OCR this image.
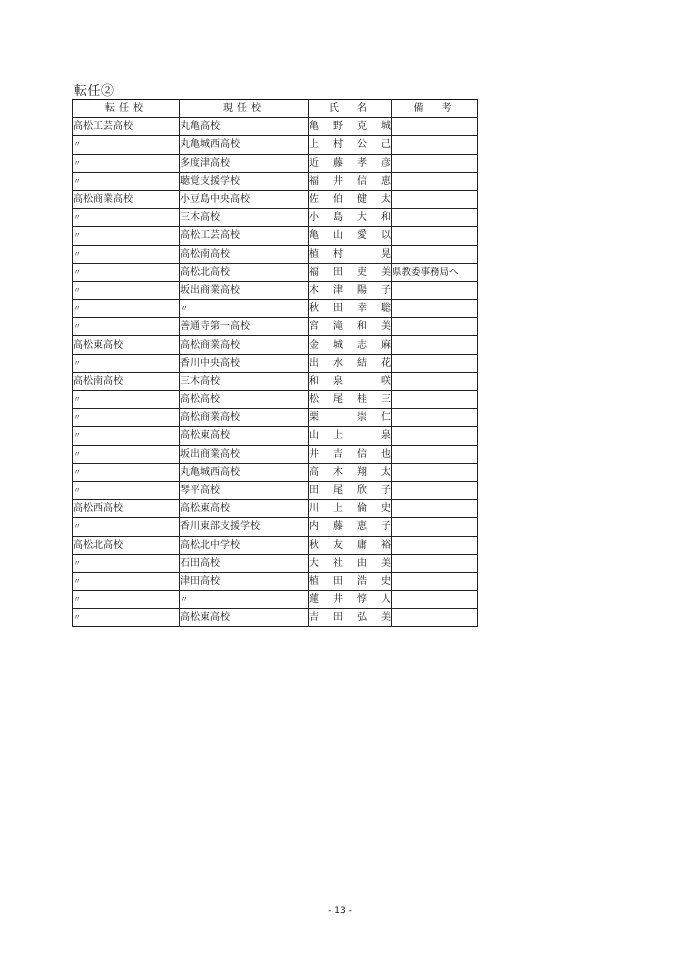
転任②
転任校	現任校	氏　名	備　考
高松工芸高校	丸亀高校	亀野克城	
〃	丸亀城西高校	上村公己	
〃	多度津高校	近藤孝彦	
〃	聴覚支援学校	福井信恵	
高松商業高校	小豆島中央高校	佐伯健太	
〃	三木高校	小島大和	
〃	高松工芸高校	亀山愛以	
〃	高松南高校	植村　晃	
〃	高松北高校	福田吏美	県教委事務局へ
〃	坂出商業高校	木津陽子	
〃	〃	秋田幸聡	
〃	善通寺第一高校	宮滝和美	
高松東高校	高松商業高校	金城志麻	
〃	香川中央高校	出水結花	
高松南高校	三木高校	和泉　咲	
〃	高松高校	松尾桂三	
〃	高松商業高校	栗　崇仁	
〃	高松東高校	山上　泉	
〃	坂出商業高校	井吉信也	
〃	丸亀城西高校	高木翔太	
〃	琴平高校	田尾欣子	
高松西高校	高松東高校	川上倫史	
〃	香川東部支援学校	内藤恵子	
高松北高校	高松北中学校	秋友庸裕	
〃	石田高校	大社由美	
〃	津田高校	植田浩史	
〃	〃	蓮井惇人	
〃	高松東高校	吉田弘美	
- 13 -
